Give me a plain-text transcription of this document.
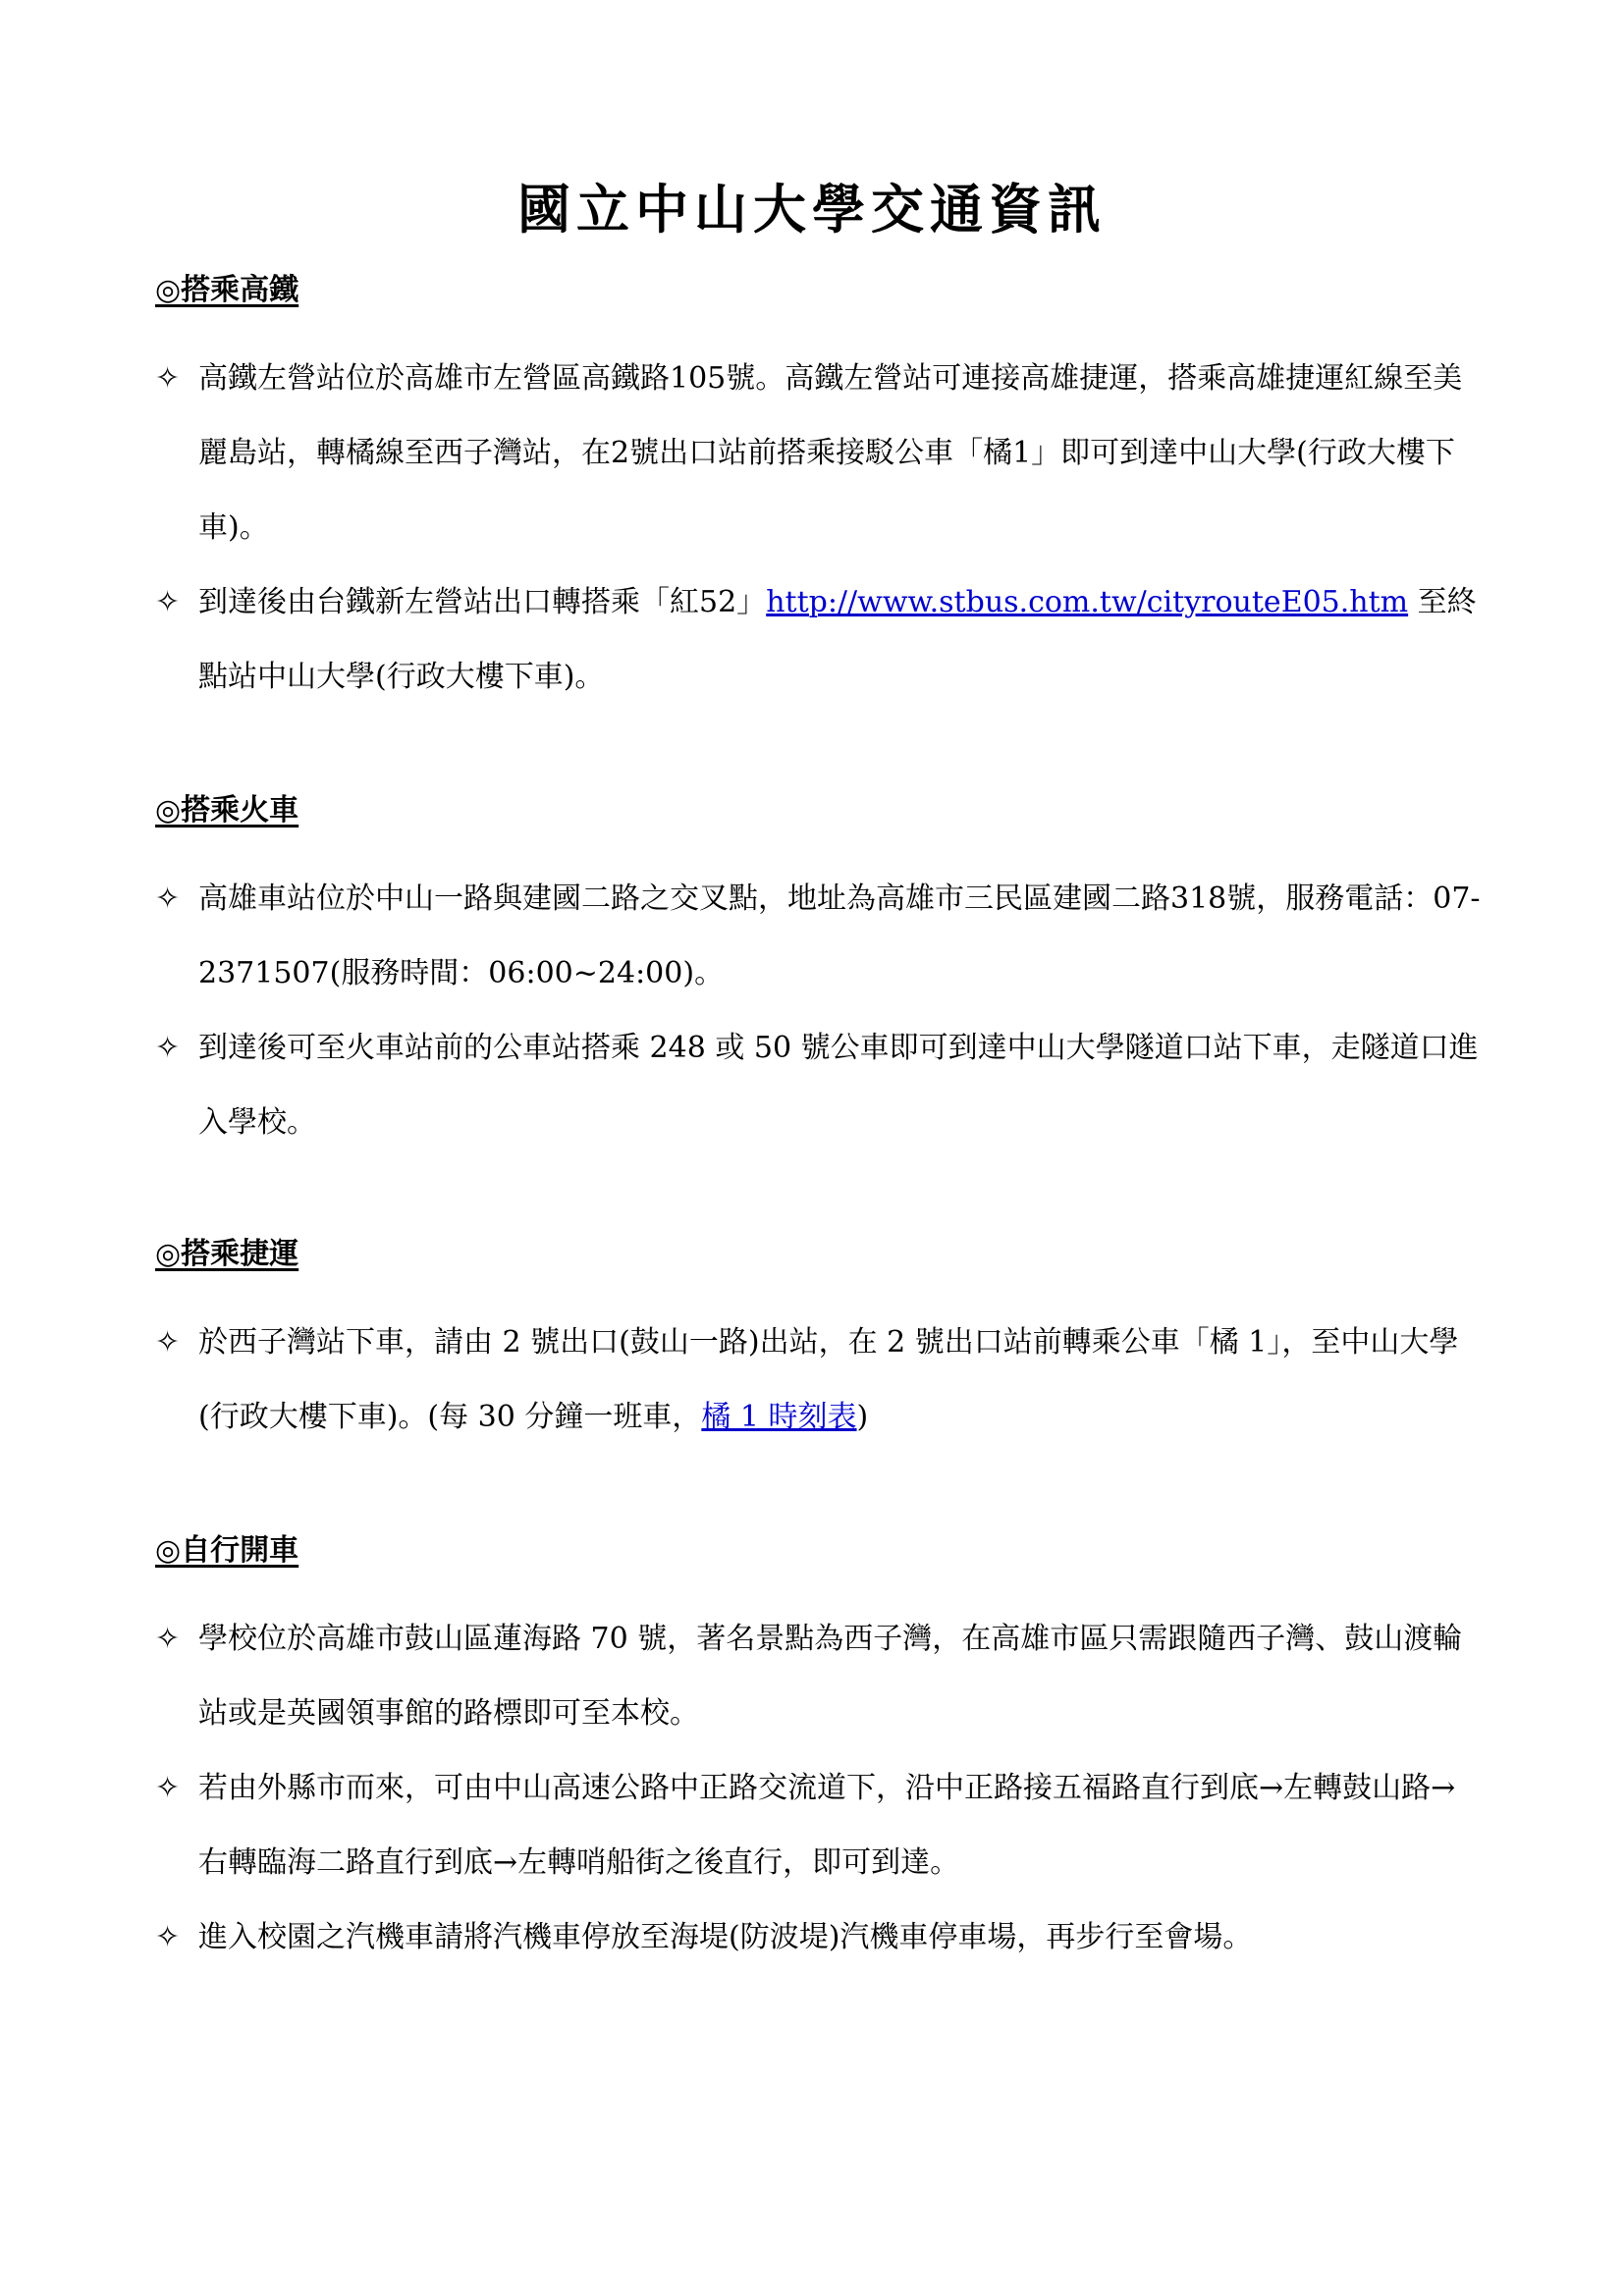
國立中山大學交通資訊
◎搭乘高鐵
✧ 高鐵左營站位於高雄市左營區高鐵路105號。高鐵左營站可連接高雄捷運，搭乘高雄捷運紅線至美麗島站，轉橘線至西子灣站，在2號出口站前搭乘接駁公車「橘1」即可到達中山大學(行政大樓下車)。
✧ 到達後由台鐵新左營站出口轉搭乘「紅52」http://www.stbus.com.tw/cityrouteE05.htm 至終點站中山大學(行政大樓下車)。
◎搭乘火車
✧ 高雄車站位於中山一路與建國二路之交叉點，地址為高雄市三民區建國二路318號，服務電話：07-2371507(服務時間：06:00~24:00)。
✧ 到達後可至火車站前的公車站搭乘 248 或 50 號公車即可到達中山大學隧道口站下車，走隧道口進入學校。
◎搭乘捷運
✧ 於西子灣站下車，請由 2 號出口(鼓山一路)出站，在 2 號出口站前轉乘公車「橘 1」，至中山大學(行政大樓下車)。(每 30 分鐘一班車，橘 1 時刻表)
◎自行開車
✧ 學校位於高雄市鼓山區蓮海路 70 號，著名景點為西子灣，在高雄市區只需跟隨西子灣、鼓山渡輪站或是英國領事館的路標即可至本校。
✧ 若由外縣市而來，可由中山高速公路中正路交流道下，沿中正路接五福路直行到底→左轉鼓山路→右轉臨海二路直行到底→左轉哨船街之後直行，即可到達。
✧ 進入校園之汽機車請將汽機車停放至海堤(防波堤)汽機車停車場，再步行至會場。
